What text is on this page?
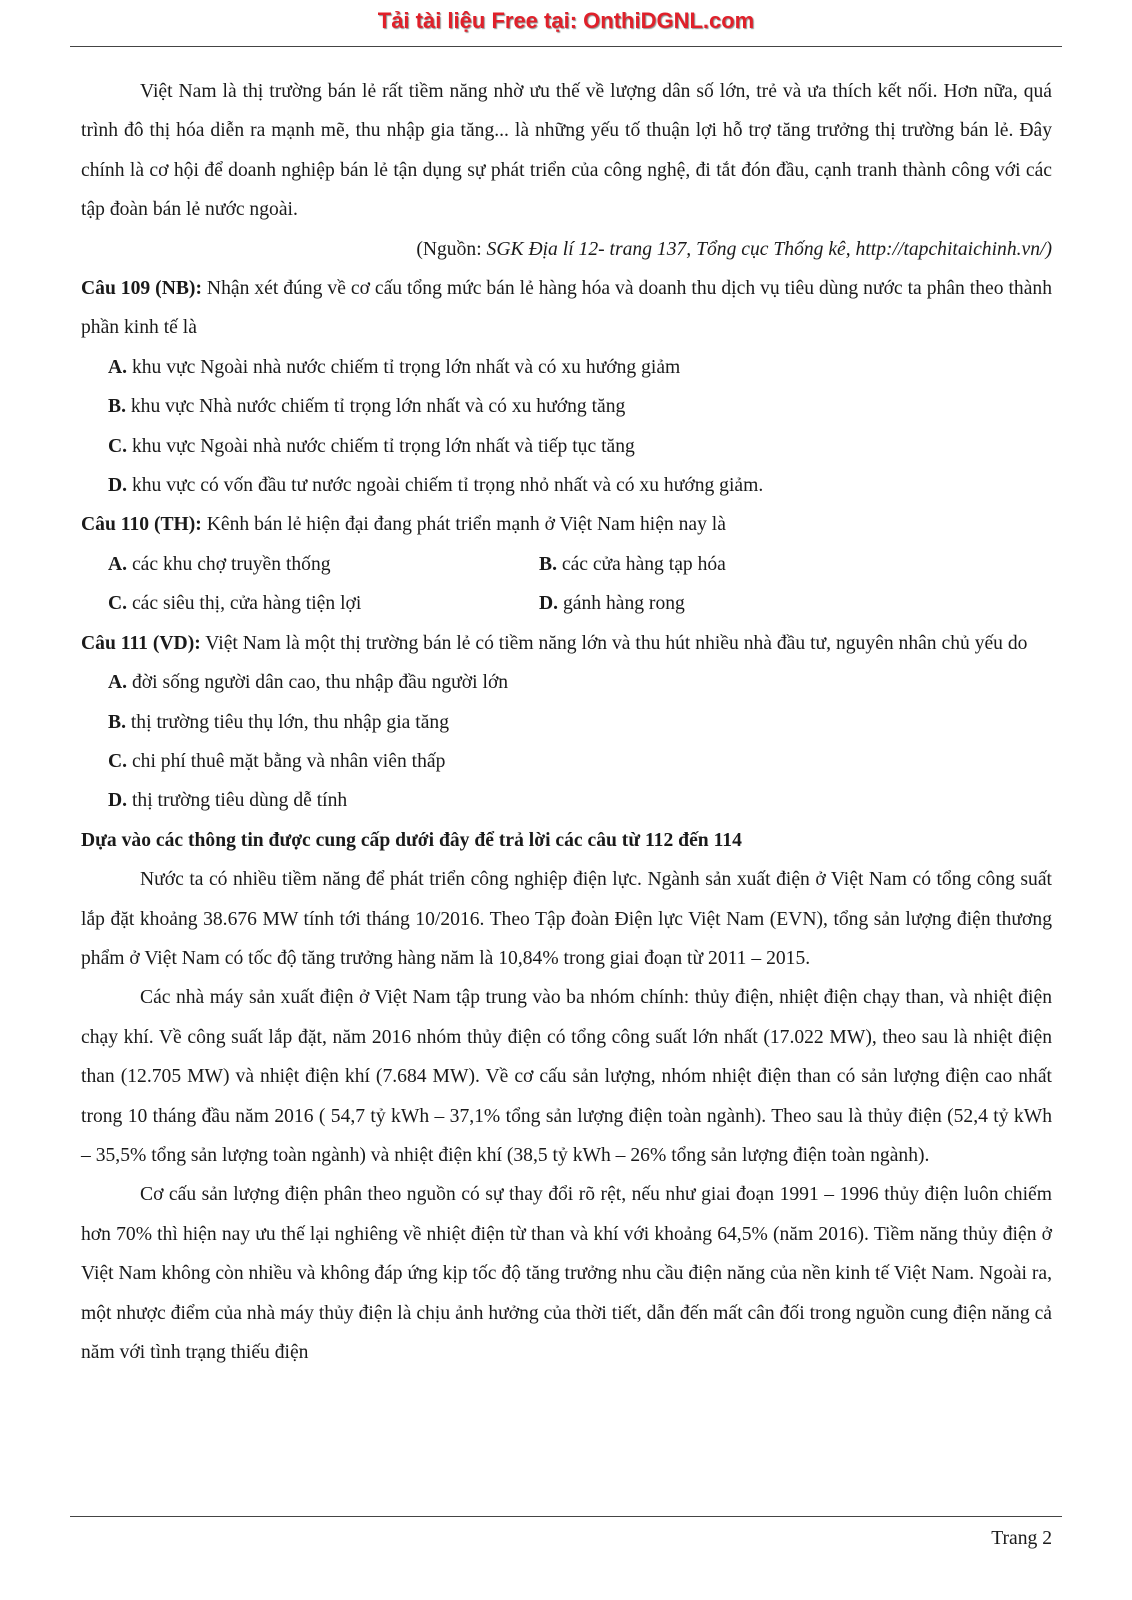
Tải tài liệu Free tại: OnthiDGNL.com

Việt Nam là thị trường bán lẻ rất tiềm năng nhờ ưu thế về lượng dân số lớn, trẻ và ưa thích kết nối. Hơn nữa, quá trình đô thị hóa diễn ra mạnh mẽ, thu nhập gia tăng... là những yếu tố thuận lợi hỗ trợ tăng trưởng thị trường bán lẻ. Đây chính là cơ hội để doanh nghiệp bán lẻ tận dụng sự phát triển của công nghệ, đi tắt đón đầu, cạnh tranh thành công với các tập đoàn bán lẻ nước ngoài.

(Nguồn: SGK Địa lí 12- trang 137, Tổng cục Thống kê, http://tapchitaichinh.vn/)

Câu 109 (NB): Nhận xét đúng về cơ cấu tổng mức bán lẻ hàng hóa và doanh thu dịch vụ tiêu dùng nước ta phân theo thành phần kinh tế là

A. khu vực Ngoài nhà nước chiếm tỉ trọng lớn nhất và có xu hướng giảm

B. khu vực Nhà nước chiếm tỉ trọng lớn nhất và có xu hướng tăng

C. khu vực Ngoài nhà nước chiếm tỉ trọng lớn nhất và tiếp tục tăng

D. khu vực có vốn đầu tư nước ngoài chiếm tỉ trọng nhỏ nhất và có xu hướng giảm.

Câu 110 (TH): Kênh bán lẻ hiện đại đang phát triển mạnh ở Việt Nam hiện nay là

A. các khu chợ truyền thống	B. các cửa hàng tạp hóa
C. các siêu thị, cửa hàng tiện lợi	D. gánh hàng rong

Câu 111 (VD): Việt Nam là một thị trường bán lẻ có tiềm năng lớn và thu hút nhiều nhà đầu tư, nguyên nhân chủ yếu do

A. đời sống người dân cao, thu nhập đầu người lớn

B. thị trường tiêu thụ lớn, thu nhập gia tăng

C. chi phí thuê mặt bằng và nhân viên thấp

D. thị trường tiêu dùng dễ tính

Dựa vào các thông tin được cung cấp dưới đây để trả lời các câu từ 112 đến 114

Nước ta có nhiều tiềm năng để phát triển công nghiệp điện lực. Ngành sản xuất điện ở Việt Nam có tổng công suất lắp đặt khoảng 38.676 MW tính tới tháng 10/2016. Theo Tập đoàn Điện lực Việt Nam (EVN), tổng sản lượng điện thương phẩm ở Việt Nam có tốc độ tăng trưởng hàng năm là 10,84% trong giai đoạn từ 2011 – 2015.

Các nhà máy sản xuất điện ở Việt Nam tập trung vào ba nhóm chính: thủy điện, nhiệt điện chạy than, và nhiệt điện chạy khí. Về công suất lắp đặt, năm 2016 nhóm thủy điện có tổng công suất lớn nhất (17.022 MW), theo sau là nhiệt điện than (12.705 MW) và nhiệt điện khí (7.684 MW). Về cơ cấu sản lượng, nhóm nhiệt điện than có sản lượng điện cao nhất trong 10 tháng đầu năm 2016 ( 54,7 tỷ kWh – 37,1% tổng sản lượng điện toàn ngành). Theo sau là thủy điện (52,4 tỷ kWh – 35,5% tổng sản lượng toàn ngành) và nhiệt điện khí (38,5 tỷ kWh – 26% tổng sản lượng điện toàn ngành).

Cơ cấu sản lượng điện phân theo nguồn có sự thay đổi rõ rệt, nếu như giai đoạn 1991 – 1996 thủy điện luôn chiếm hơn 70% thì hiện nay ưu thế lại nghiêng về nhiệt điện từ than và khí với khoảng 64,5% (năm 2016). Tiềm năng thủy điện ở Việt Nam không còn nhiều và không đáp ứng kịp tốc độ tăng trưởng nhu cầu điện năng của nền kinh tế Việt Nam. Ngoài ra, một nhược điểm của nhà máy thủy điện là chịu ảnh hưởng của thời tiết, dẫn đến mất cân đối trong nguồn cung điện năng cả năm với tình trạng thiếu điện

Trang 2
